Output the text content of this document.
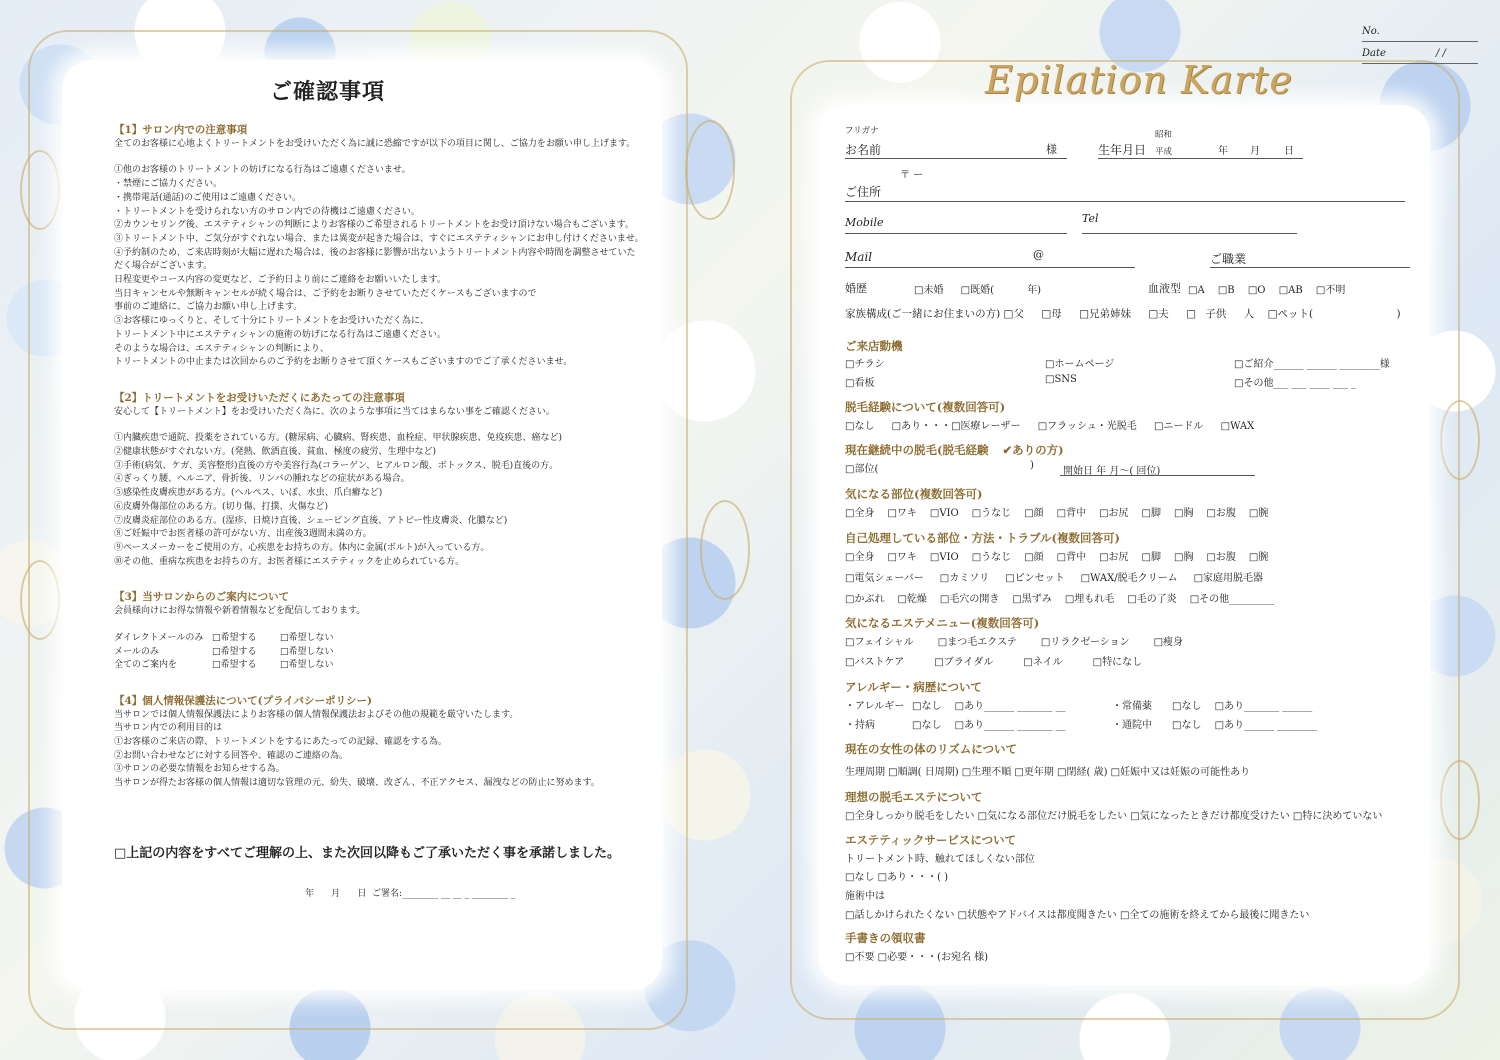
No.
Date	/ /
ご確認事項
【1】サロン内での注意事項
全てのお客様に心地よくトリートメントをお受けいただく為に誠に恐縮ですが以下の項目に関し、ご協力をお願い申し上げます。
①他のお客様のトリートメントの妨げになる行為はご遠慮くださいませ。
・禁煙にご協力ください。
・携帯電話(通話)のご使用はご遠慮ください。
・トリートメントを受けられない方のサロン内での待機はご遠慮ください。
②カウンセリング後、エステティシャンの判断によりお客様のご希望されるトリートメントをお受け頂けない場合もございます。
③トリートメント中、ご気分がすぐれない場合、または異変が起きた場合は、すぐにエステティシャンにお申し付けくださいませ。
④予約制のため、ご来店時刻が大幅に遅れた場合は、後のお客様に影響が出ないようトリートメント内容や時間を調整させていただく場合がございます。
日程変更やコース内容の変更など、ご予約日より前にご連絡をお願いいたします。
当日キャンセルや無断キャンセルが続く場合は、ご予約をお断りさせていただくケースもございますので
事前のご連絡に、ご協力お願い申し上げます。
⑤お客様にゆっくりと、そして十分にトリートメントをお受けいただく為に、
トリートメント中にエステティシャンの施術の妨げになる行為はご遠慮ください。
そのような場合は、エステティシャンの判断により、
トリートメントの中止または次回からのご予約をお断りさせて頂くケースもございますのでご了承くださいませ。
【2】トリートメントをお受けいただくにあたっての注意事項
安心して【トリートメント】をお受けいただく為に、次のような事項に当てはまらない事をご確認ください。
①内臓疾患で通院、投薬をされている方。(糖尿病、心臓病、腎疾患、血栓症、甲状腺疾患、免疫疾患、癌など)
②健康状態がすぐれない方。(発熱、飲酒直後、貧血、極度の疲労、生理中など)
③手術(病気、ケガ、美容整形)直後の方や美容行為(コラーゲン、ヒアルロン酸、ボトックス、脱毛)直後の方。
④ぎっくり腰、ヘルニア、骨折後、リンパの腫れなどの症状がある場合。
⑤感染性皮膚疾患がある方。(ヘルペス、いぼ、水虫、爪白癬など)
⑥皮膚外傷部位のある方。(切り傷、打撲、火傷など)
⑦皮膚炎症部位のある方。(湿疹、日焼け直後、シェービング直後、アトピー性皮膚炎、化膿など)
⑧ご妊娠中でお医者様の許可がない方、出産後3週間未満の方。
⑨ペースメーカーをご使用の方、心疾患をお持ちの方。体内に金属(ボルト)が入っている方。
⑩その他、重病な疾患をお持ちの方、お医者様にエステティックを止められている方。
【3】当サロンからのご案内について
会員様向けにお得な情報や新着情報などを配信しております。
ダイレクトメールのみ □希望する	□希望しない
メールのみ	□希望する	□希望しない
全てのご案内を	□希望する	□希望しない
【4】個人情報保護法について(プライバシーポリシー)
当サロンでは個人情報保護法によりお客様の個人情報保護法およびその他の規範を厳守いたします。
当サロン内での利用目的は
①お客様のご来店の際、トリートメントをするにあたっての記録、確認をする為。
②お問い合わせなどに対する回答や、確認のご連絡の為。
③サロンの必要な情報をお知らせする為。
当サロンが得たお客様の個人情報は適切な管理の元、紛失、破壊、改ざん、不正アクセス、漏洩などの防止に努めます。
□上記の内容をすべてご理解の上、また次回以降もご了承いただく事を承諾しました。
年      月      日  ご署名:________ __ __ _ ________ _
Epilation Karte
フリガナ
お名前	様	生年月日
昭和
平成	年 月 日
〒 ー
ご住所
Mobile	Tel
Mail	@	ご職業
婚歴	□未婚 □既婚(	年)	血液型 □A □B □O □AB □不明
家族構成(ご一緒にお住まいの方) □父 □母 □兄弟姉妹 □夫 □ 子供 人 □ペット(	)
ご来店動機
□チラシ	□ホームページ	□ご紹介______ ______ ________様
□看板	□SNS	□その他___ ___ ____ ___ _
脱毛経験について(複数回答可)
□なし □あり・・・□医療レーザー □フラッシュ・光脱毛 □ニードル □WAX
現在継続中の脱毛(脱毛経験 ✔ありの方)
□部位(	)
開始日 年 月〜( 回位)
気になる部位(複数回答可)
□全身 □ワキ □VIO □うなじ □顔 □背中 □お尻 □脚 □胸 □お腹 □腕
自己処理している部位・方法・トラブル(複数回答可)
□全身 □ワキ □VIO □うなじ □顔 □背中 □お尻 □脚 □胸 □お腹 □腕
□電気シェーバー □カミソリ □ピンセット □WAX/脱毛クリーム □家庭用脱毛器
□かぶれ □乾燥 □毛穴の開き □黒ずみ □埋もれ毛 □毛の了炎 □その他_________
気になるエステメニュー(複数回答可)
□フェイシャル □まつ毛エクステ □リラクゼーション □痩身
□バストケア	□ブライダル	□ネイル	□特になし
アレルギー・病歴について
・アレルギー □なし □あり______ _______ __	・常備薬 □なし □あり_______ ______
・持病	□なし □あり______ _______ __	・通院中 □なし □あり______ ________
現在の女性の体のリズムについて
生理周期 □順調( 日周期) □生理不順 □更年期 □閉経( 歳) □妊娠中又は妊娠の可能性あり
理想の脱毛エステについて
□全身しっかり脱毛をしたい □気になる部位だけ脱毛をしたい □気になったときだけ都度受けたい □特に決めていない
エステティックサービスについて
トリートメント時、触れてほしくない部位
□なし □あり・・・( )
施術中は
□話しかけられたくない □状態やアドバイスは都度聞きたい □全ての施術を終えてから最後に聞きたい
手書きの領収書
□不要 □必要・・・(お宛名 様)
